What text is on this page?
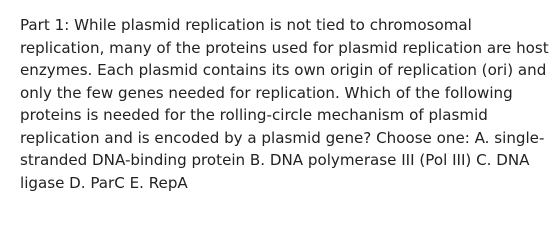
Part 1: While plasmid replication is not tied to chromosomal replication, many of the proteins used for plasmid replication are host enzymes. Each plasmid contains its own origin of replication (ori) and only the few genes needed for replication. Which of the following proteins is needed for the rolling-circle mechanism of plasmid replication and is encoded by a plasmid gene? Choose one: A. single-stranded DNA-binding protein B. DNA polymerase III (Pol III) C. DNA ligase D. ParC E. RepA
